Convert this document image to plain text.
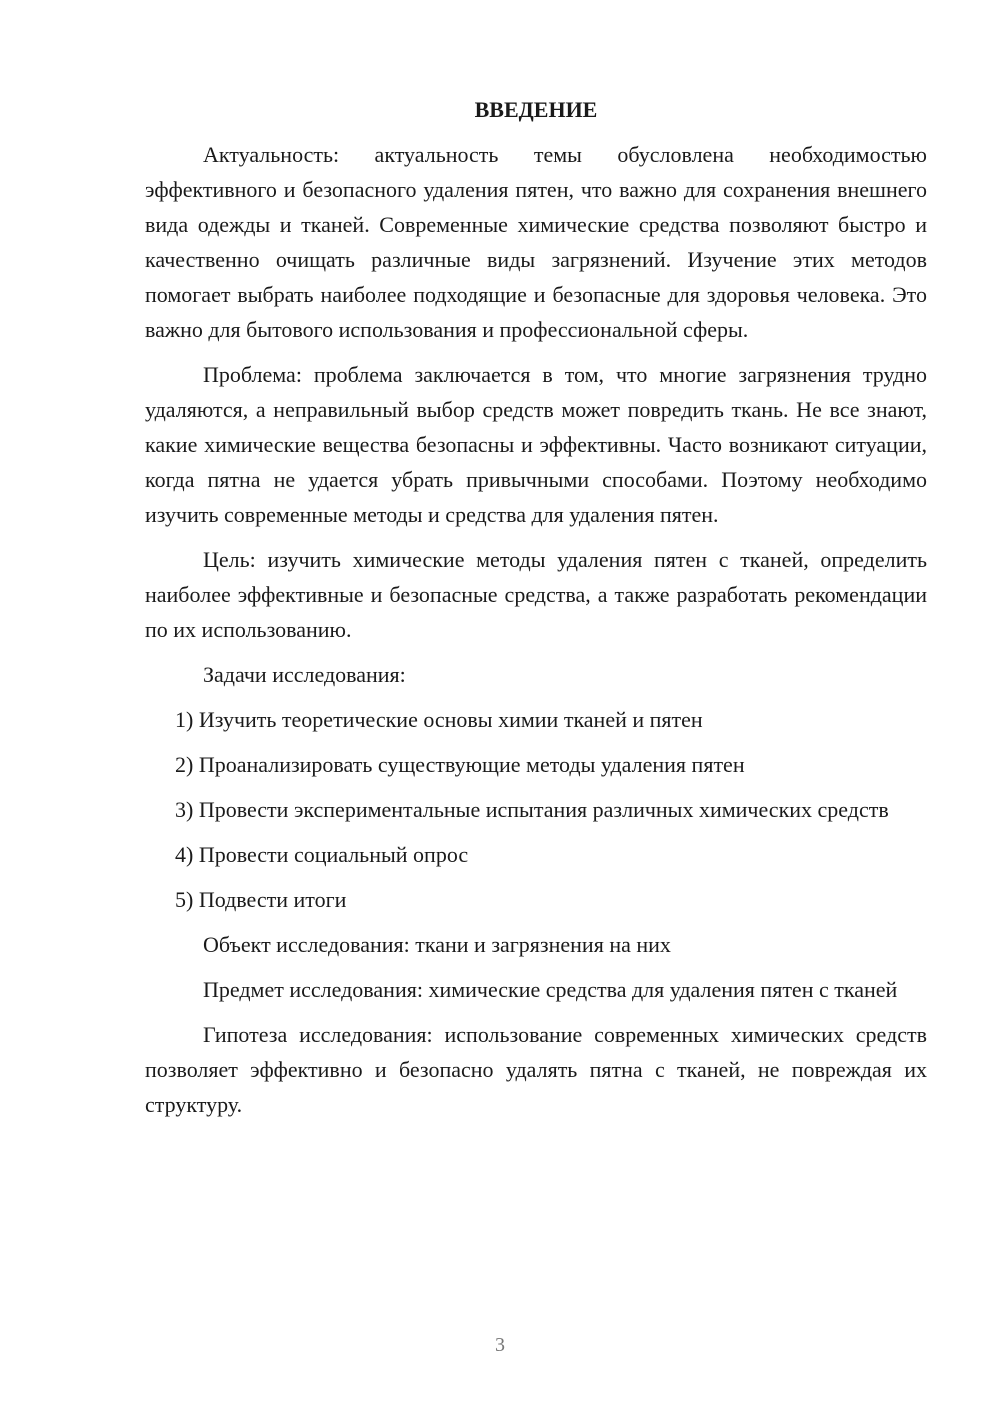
ВВЕДЕНИЕ

Актуальность: актуальность темы обусловлена необходимостью эффективного и безопасного удаления пятен, что важно для сохранения внешнего вида одежды и тканей. Современные химические средства позволяют быстро и качественно очищать различные виды загрязнений. Изучение этих методов помогает выбрать наиболее подходящие и безопасные для здоровья человека. Это важно для бытового использования и профессиональной сферы.

Проблема: проблема заключается в том, что многие загрязнения трудно удаляются, а неправильный выбор средств может повредить ткань. Не все знают, какие химические вещества безопасны и эффективны. Часто возникают ситуации, когда пятна не удается убрать привычными способами. Поэтому необходимо изучить современные методы и средства для удаления пятен.

Цель: изучить химические методы удаления пятен с тканей, определить наиболее эффективные и безопасные средства, а также разработать рекомендации по их использованию.

Задачи исследования:

1) Изучить теоретические основы химии тканей и пятен

2) Проанализировать существующие методы удаления пятен

3) Провести экспериментальные испытания различных химических средств

4) Провести социальный опрос

5) Подвести итоги

Объект исследования: ткани и загрязнения на них

Предмет исследования: химические средства для удаления пятен с тканей

Гипотеза исследования: использование современных химических средств позволяет эффективно и безопасно удалять пятна с тканей, не повреждая их структуру.

3
